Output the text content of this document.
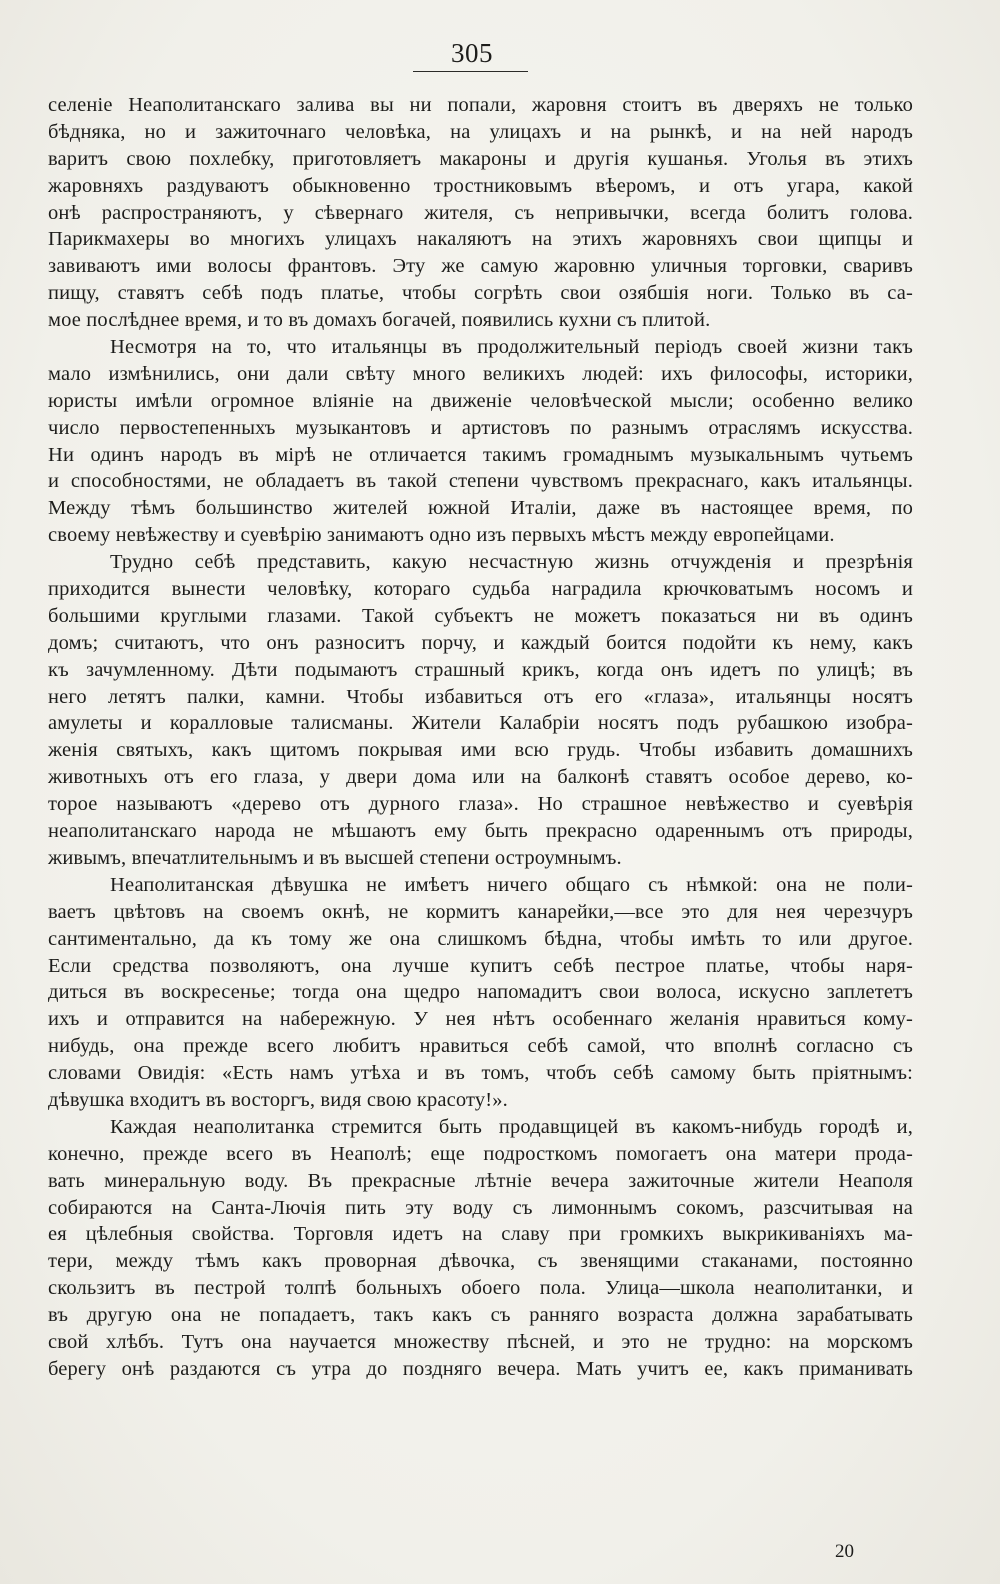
305
селеніе Неаполитанскаго залива вы ни попали, жаровня стоитъ въ дверяхъ не только
бѣдняка, но и зажиточнаго человѣка, на улицахъ и на рынкѣ, и на ней народъ
варитъ свою похлебку, приготовляетъ макароны и другія кушанья. Уголья въ этихъ
жаровняхъ раздуваютъ обыкновенно тростниковымъ вѣеромъ, и отъ угара, какой
онѣ распространяютъ, у сѣвернаго жителя, съ непривычки, всегда болитъ голова.
Парикмахеры во многихъ улицахъ накаляютъ на этихъ жаровняхъ свои щипцы и
завиваютъ ими волосы франтовъ. Эту же самую жаровню уличныя торговки, сваривъ
пищу, ставятъ себѣ подъ платье, чтобы согрѣть свои озябшія ноги. Только въ са-
мое послѣднее время, и то въ домахъ богачей, появились кухни съ плитой.
Несмотря на то, что итальянцы въ продолжительный періодъ своей жизни такъ
мало измѣнились, они дали свѣту много великихъ людей: ихъ философы, историки,
юристы имѣли огромное вліяніе на движеніе человѣческой мысли; особенно велико
число первостепенныхъ музыкантовъ и артистовъ по разнымъ отраслямъ искусства.
Ни одинъ народъ въ мірѣ не отличается такимъ громаднымъ музыкальнымъ чутьемъ
и способностями, не обладаетъ въ такой степени чувствомъ прекраснаго, какъ итальянцы.
Между тѣмъ большинство жителей южной Италіи, даже въ настоящее время, по
своему невѣжеству и суевѣрію занимаютъ одно изъ первыхъ мѣстъ между европейцами.
Трудно себѣ представить, какую несчастную жизнь отчужденія и презрѣнія
приходится вынести человѣку, котораго судьба наградила крючковатымъ носомъ и
большими круглыми глазами. Такой субъектъ не можетъ показаться ни въ одинъ
домъ; считаютъ, что онъ разноситъ порчу, и каждый боится подойти къ нему, какъ
къ зачумленному. Дѣти подымаютъ страшный крикъ, когда онъ идетъ по улицѣ; въ
него летятъ палки, камни. Чтобы избавиться отъ его «глаза», итальянцы носятъ
амулеты и коралловые талисманы. Жители Калабріи носятъ подъ рубашкою изобра-
женія святыхъ, какъ щитомъ покрывая ими всю грудь. Чтобы избавить домашнихъ
животныхъ отъ его глаза, у двери дома или на балконѣ ставятъ особое дерево, ко-
торое называютъ «дерево отъ дурного глаза». Но страшное невѣжество и суевѣрія
неаполитанскаго народа не мѣшаютъ ему быть прекрасно одареннымъ отъ природы,
живымъ, впечатлительнымъ и въ высшей степени остроумнымъ.
Неаполитанская дѣвушка не имѣетъ ничего общаго съ нѣмкой: она не поли-
ваетъ цвѣтовъ на своемъ окнѣ, не кормитъ канарейки,—все это для нея черезчуръ
сантиментально, да къ тому же она слишкомъ бѣдна, чтобы имѣть то или другое.
Если средства позволяютъ, она лучше купитъ себѣ пестрое платье, чтобы наря-
диться въ воскресенье; тогда она щедро напомадитъ свои волоса, искусно заплететъ
ихъ и отправится на набережную. У нея нѣтъ особеннаго желанія нравиться кому-
нибудь, она прежде всего любитъ нравиться себѣ самой, что вполнѣ согласно съ
словами Овидія: «Есть намъ утѣха и въ томъ, чтобъ себѣ самому быть пріятнымъ:
дѣвушка входитъ въ восторгъ, видя свою красоту!».
Каждая неаполитанка стремится быть продавщицей въ какомъ-нибудь городѣ и,
конечно, прежде всего въ Неаполѣ; еще подросткомъ помогаетъ она матери прода-
вать минеральную воду. Въ прекрасные лѣтніе вечера зажиточные жители Неаполя
собираются на Санта-Лючія пить эту воду съ лимоннымъ сокомъ, разсчитывая на
ея цѣлебныя свойства. Торговля идетъ на славу при громкихъ выкрикиваніяхъ ма-
тери, между тѣмъ какъ проворная дѣвочка, съ звенящими стаканами, постоянно
скользитъ въ пестрой толпѣ больныхъ обоего пола. Улица—школа неаполитанки, и
въ другую она не попадаетъ, такъ какъ съ ранняго возраста должна зарабатывать
свой хлѣбъ. Тутъ она научается множеству пѣсней, и это не трудно: на морскомъ
берегу онѣ раздаются съ утра до поздняго вечера. Мать учитъ ее, какъ приманивать
20
